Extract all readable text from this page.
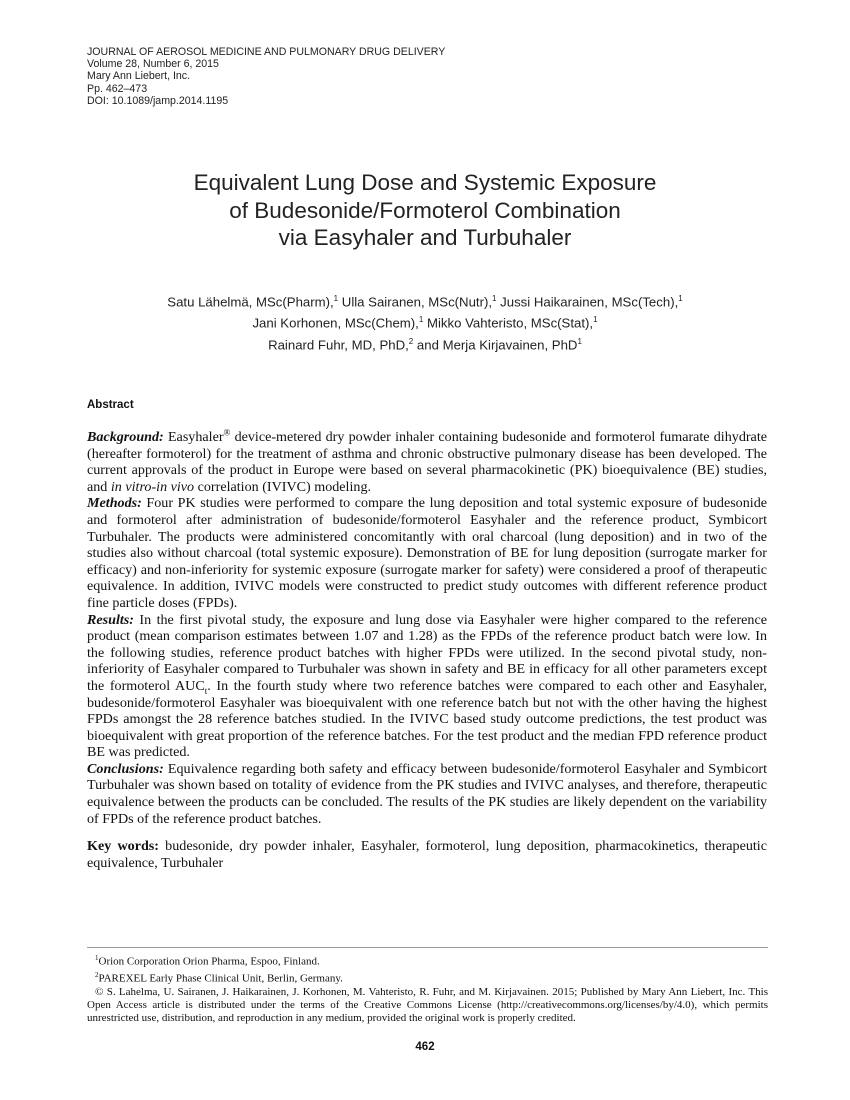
JOURNAL OF AEROSOL MEDICINE AND PULMONARY DRUG DELIVERY
Volume 28, Number 6, 2015
Mary Ann Liebert, Inc.
Pp. 462–473
DOI: 10.1089/jamp.2014.1195
Equivalent Lung Dose and Systemic Exposure
of Budesonide/Formoterol Combination
via Easyhaler and Turbuhaler
Satu Lähelmä, MSc(Pharm),$^1$ Ulla Sairanen, MSc(Nutr),$^1$ Jussi Haikarainen, MSc(Tech),$^1$
Jani Korhonen, MSc(Chem),$^1$ Mikko Vahteristo, MSc(Stat),$^1$
Rainard Fuhr, MD, PhD,$^2$ and Merja Kirjavainen, PhD$^1$
Abstract

Background: Easyhaler® device-metered dry powder inhaler containing budesonide and formoterol fumarate dihydrate (hereafter formoterol) for the treatment of asthma and chronic obstructive pulmonary disease has been developed. The current approvals of the product in Europe were based on several pharmacokinetic (PK) bioequivalence (BE) studies, and in vitro-in vivo correlation (IVIVC) modeling.

Methods: Four PK studies were performed to compare the lung deposition and total systemic exposure of budesonide and formoterol after administration of budesonide/formoterol Easyhaler and the reference product, Symbicort Turbuhaler. The products were administered concomitantly with oral charcoal (lung deposition) and in two of the studies also without charcoal (total systemic exposure). Demonstration of BE for lung deposition (surrogate marker for efficacy) and non-inferiority for systemic exposure (surrogate marker for safety) were considered a proof of therapeutic equivalence. In addition, IVIVC models were constructed to predict study outcomes with different reference product fine particle doses (FPDs).

Results: In the first pivotal study, the exposure and lung dose via Easyhaler were higher compared to the reference product (mean comparison estimates between 1.07 and 1.28) as the FPDs of the reference product batch were low. In the following studies, reference product batches with higher FPDs were utilized. In the second pivotal study, non-inferiority of Easyhaler compared to Turbuhaler was shown in safety and BE in efficacy for all other parameters except the formoterol $AUC_t$. In the fourth study where two reference batches were compared to each other and Easyhaler, budesonide/formoterol Easyhaler was bioequivalent with one reference batch but not with the other having the highest FPDs amongst the 28 reference batches studied. In the IVIVC based study outcome predictions, the test product was bioequivalent with great proportion of the reference batches. For the test product and the median FPD reference product BE was predicted.

Conclusions: Equivalence regarding both safety and efficacy between budesonide/formoterol Easyhaler and Symbicort Turbuhaler was shown based on totality of evidence from the PK studies and IVIVC analyses, and therefore, therapeutic equivalence between the products can be concluded. The results of the PK studies are likely dependent on the variability of FPDs of the reference product batches.

Key words: budesonide, dry powder inhaler, Easyhaler, formoterol, lung deposition, pharmacokinetics, therapeutic equivalence, Turbuhaler

$^1$Orion Corporation Orion Pharma, Espoo, Finland.
$^2$PAREXEL Early Phase Clinical Unit, Berlin, Germany.
© S. Lahelma, U. Sairanen, J. Haikarainen, J. Korhonen, M. Vahteristo, R. Fuhr, and M. Kirjavainen. 2015; Published by Mary Ann Liebert, Inc. This Open Access article is distributed under the terms of the Creative Commons License (http://creativecommons.org/licenses/by/4.0), which permits unrestricted use, distribution, and reproduction in any medium, provided the original work is properly credited.
462
